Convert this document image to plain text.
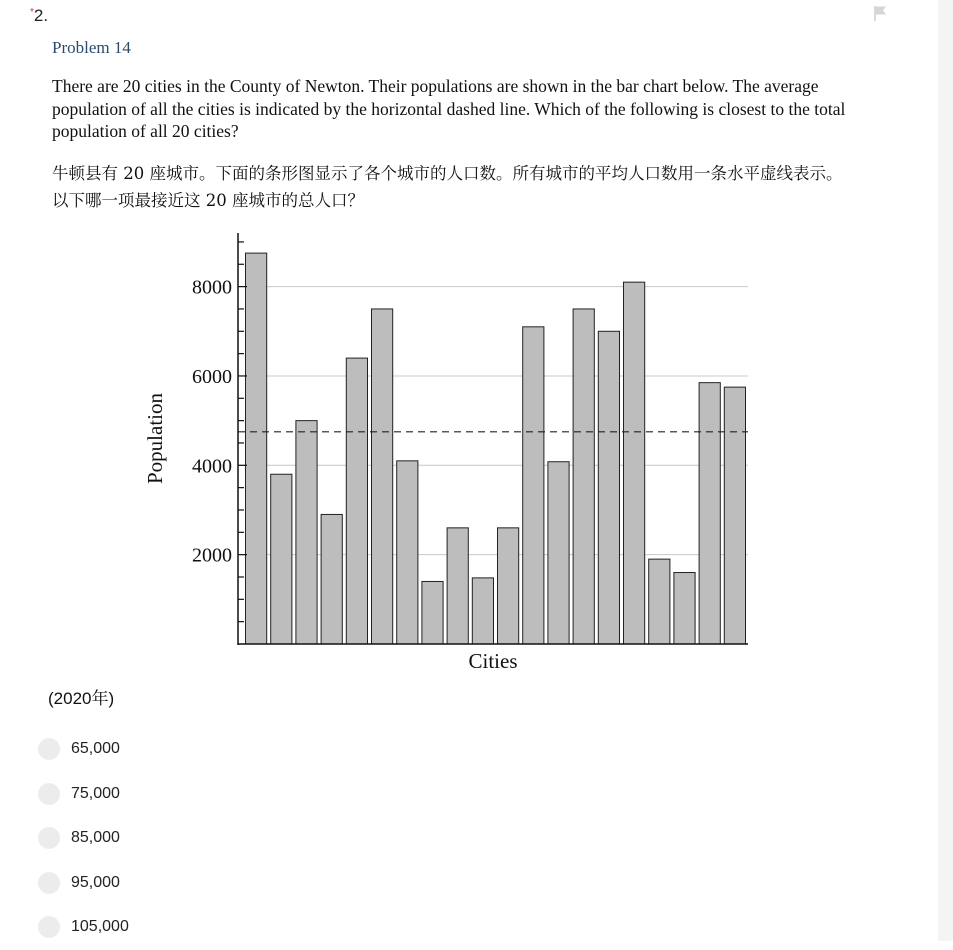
*2.
Problem 14
There are 20 cities in the County of Newton. Their populations are shown in the bar chart below. The average population of all the cities is indicated by the horizontal dashed line. Which of the following is closest to the total population of all 20 cities?
牛顿县有 20 座城市。下面的条形图显示了各个城市的人口数。所有城市的平均人口数用一条水平虚线表示。以下哪一项最接近这 20 座城市的总人口？
2000
4000
6000
8000
Cities
Population
(2020年)
65,000
75,000
85,000
95,000
105,000
